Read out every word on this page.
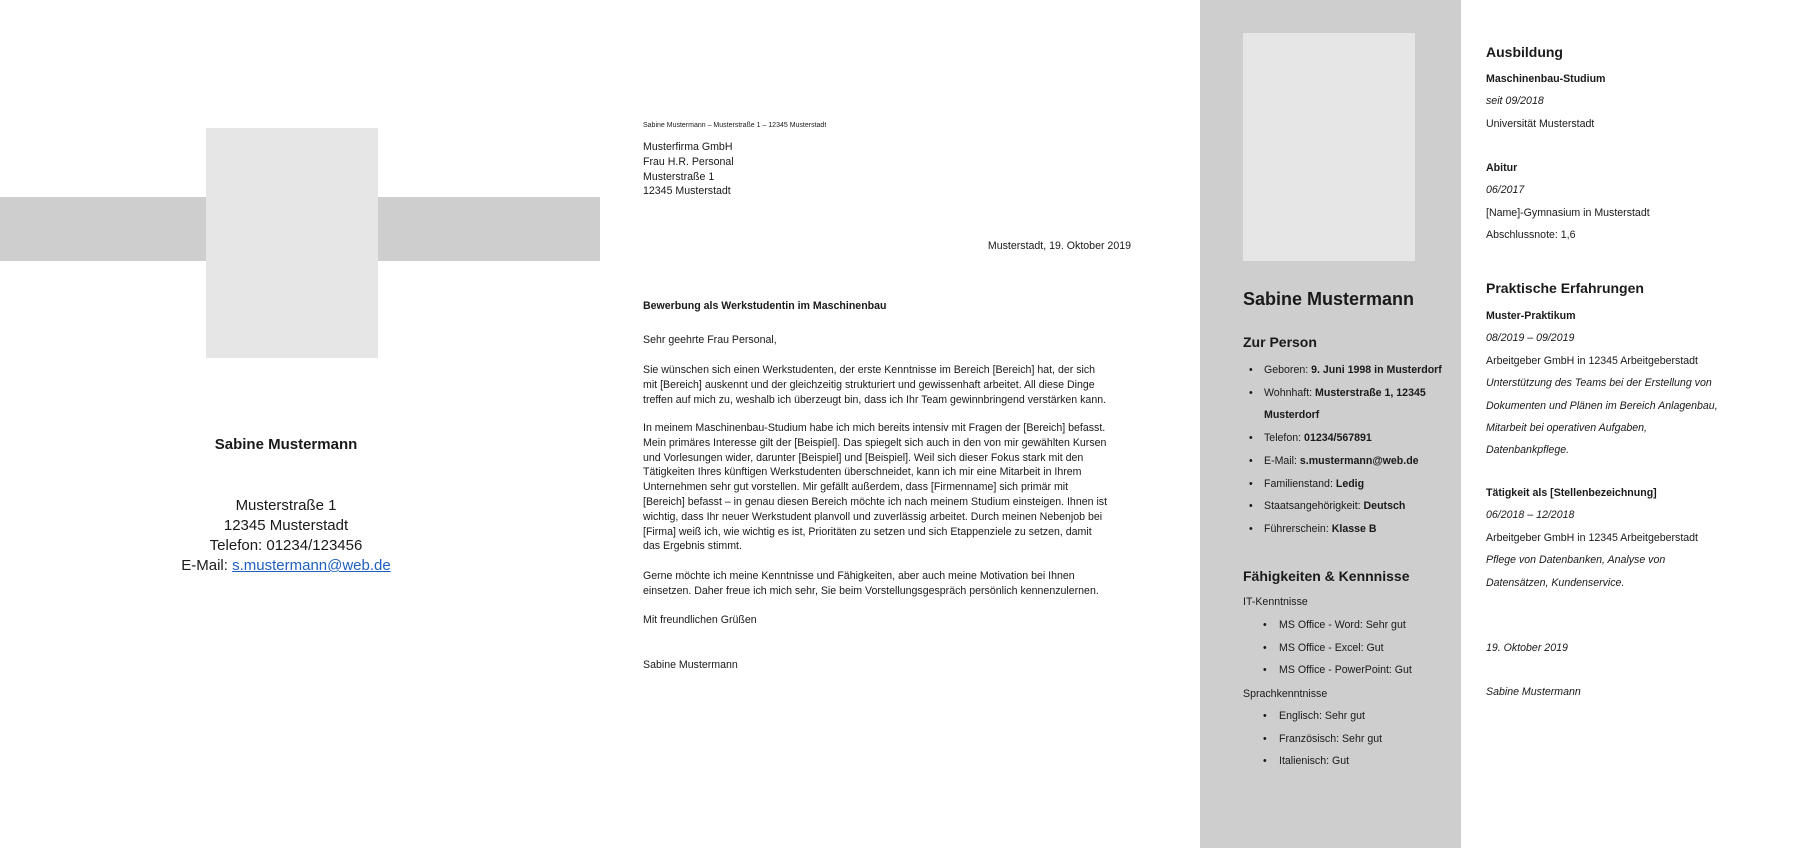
Sabine Mustermann
Musterstraße 1
12345 Musterstadt
Telefon: 01234/123456
E-Mail: s.mustermann@web.de
Sabine Mustermann – Musterstraße 1 – 12345 Musterstadt
Musterfirma GmbH
Frau H.R. Personal
Musterstraße 1
12345 Musterstadt
Musterstadt, 19. Oktober 2019
Bewerbung als Werkstudentin im Maschinenbau
Sehr geehrte Frau Personal,
Sie wünschen sich einen Werkstudenten, der erste Kenntnisse im Bereich [Bereich] hat, der sich
mit [Bereich] auskennt und der gleichzeitig strukturiert und gewissenhaft arbeitet. All diese Dinge
treffen auf mich zu, weshalb ich überzeugt bin, dass ich Ihr Team gewinnbringend verstärken kann.
In meinem Maschinenbau-Studium habe ich mich bereits intensiv mit Fragen der [Bereich] befasst.
Mein primäres Interesse gilt der [Beispiel]. Das spiegelt sich auch in den von mir gewählten Kursen
und Vorlesungen wider, darunter [Beispiel] und [Beispiel]. Weil sich dieser Fokus stark mit den
Tätigkeiten Ihres künftigen Werkstudenten überschneidet, kann ich mir eine Mitarbeit in Ihrem
Unternehmen sehr gut vorstellen. Mir gefällt außerdem, dass [Firmenname] sich primär mit
[Bereich] befasst – in genau diesen Bereich möchte ich nach meinem Studium einsteigen. Ihnen ist
wichtig, dass Ihr neuer Werkstudent planvoll und zuverlässig arbeitet. Durch meinen Nebenjob bei
[Firma] weiß ich, wie wichtig es ist, Prioritäten zu setzen und sich Etappenziele zu setzen, damit
das Ergebnis stimmt.
Gerne möchte ich meine Kenntnisse und Fähigkeiten, aber auch meine Motivation bei Ihnen
einsetzen. Daher freue ich mich sehr, Sie beim Vorstellungsgespräch persönlich kennenzulernen.
Mit freundlichen Grüßen
Sabine Mustermann
Sabine Mustermann
Zur Person
• Geboren: 9. Juni 1998 in Musterdorf
• Wohnhaft: Musterstraße 1, 12345 Musterdorf
• Telefon: 01234/567891
• E-Mail: s.mustermann@web.de
• Familienstand: Ledig
• Staatsangehörigkeit: Deutsch
• Führerschein: Klasse B
Fähigkeiten & Kennnisse
IT-Kenntnisse
• MS Office - Word: Sehr gut
• MS Office - Excel: Gut
• MS Office - PowerPoint: Gut
Sprachkenntnisse
• Englisch: Sehr gut
• Französisch: Sehr gut
• Italienisch: Gut
Ausbildung
Maschinenbau-Studium
seit 09/2018
Universität Musterstadt
Abitur
06/2017
[Name]-Gymnasium in Musterstadt
Abschlussnote: 1,6
Praktische Erfahrungen
Muster-Praktikum
08/2019 – 09/2019
Arbeitgeber GmbH in 12345 Arbeitgeberstadt
Unterstützung des Teams bei der Erstellung von
Dokumenten und Plänen im Bereich Anlagenbau,
Mitarbeit bei operativen Aufgaben,
Datenbankpflege.
Tätigkeit als [Stellenbezeichnung]
06/2018 – 12/2018
Arbeitgeber GmbH in 12345 Arbeitgeberstadt
Pflege von Datenbanken, Analyse von
Datensätzen, Kundenservice.
19. Oktober 2019
Sabine Mustermann
